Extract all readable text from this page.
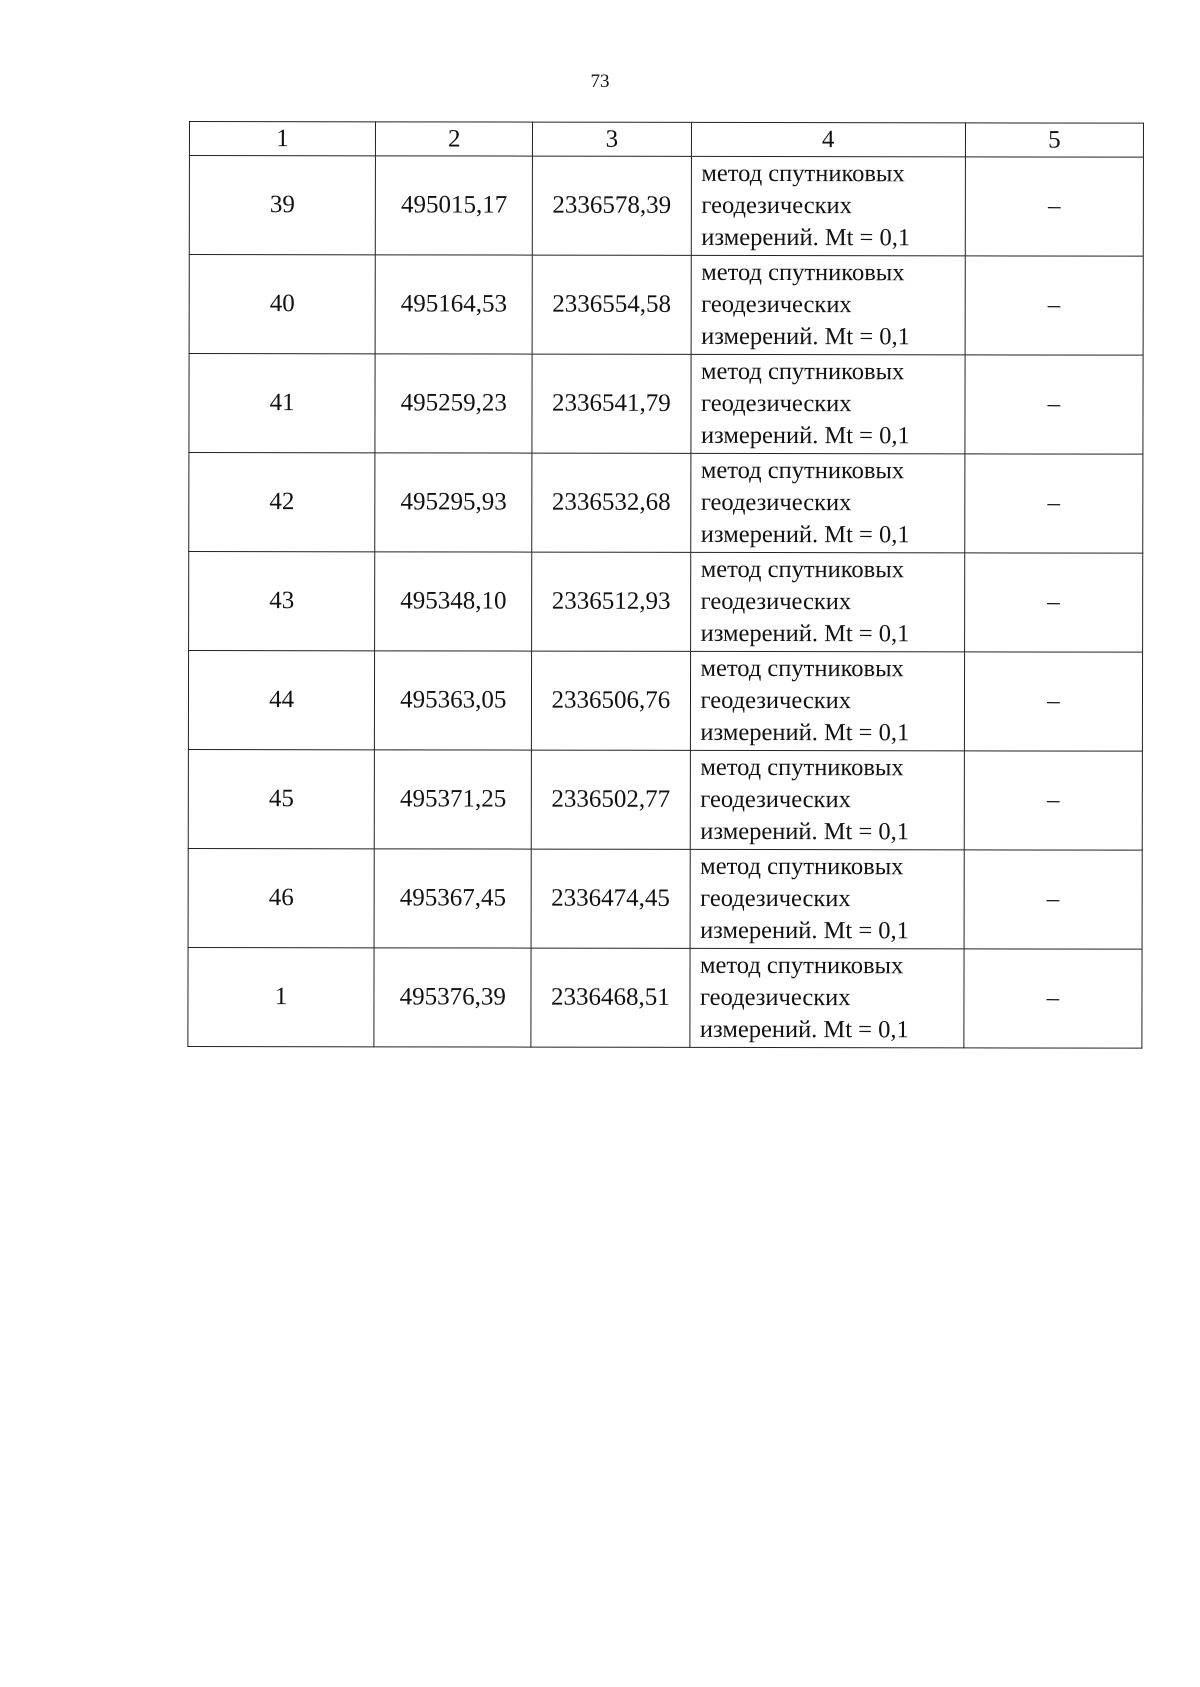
73
1	2	3	4	5
39	495015,17	2336578,39	метод спутниковых
геодезических
измерений. Mt = 0,1	–
40	495164,53	2336554,58	метод спутниковых
геодезических
измерений. Mt = 0,1	–
41	495259,23	2336541,79	метод спутниковых
геодезических
измерений. Mt = 0,1	–
42	495295,93	2336532,68	метод спутниковых
геодезических
измерений. Mt = 0,1	–
43	495348,10	2336512,93	метод спутниковых
геодезических
измерений. Mt = 0,1	–
44	495363,05	2336506,76	метод спутниковых
геодезических
измерений. Mt = 0,1	–
45	495371,25	2336502,77	метод спутниковых
геодезических
измерений. Mt = 0,1	–
46	495367,45	2336474,45	метод спутниковых
геодезических
измерений. Mt = 0,1	–
1	495376,39	2336468,51	метод спутниковых
геодезических
измерений. Mt = 0,1	–
